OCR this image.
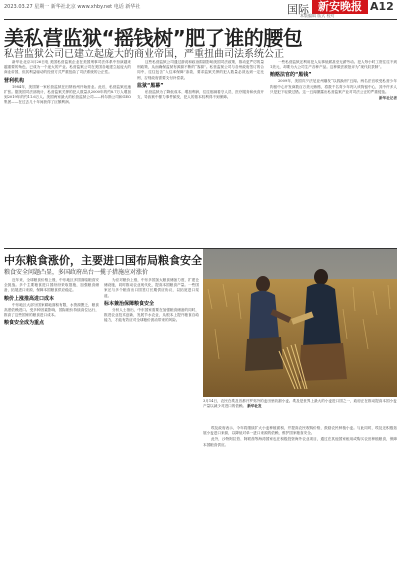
2023.03.27 星期一 新华社北京 www.xhby.net 电话 新华社	国际 新安晚报 A12
本版编辑 版式 校对
美私营监狱“摇钱树”肥了谁的腰包
私营监狱公司已建立起庞大的商业帝国，严重扭曲司法系统公正

新华社北京3月26日电 美国私营监狱企业在美国刑事司法体系中扮演越来越重要的角色，已成为一个庞大的产业。私营监狱公司在美国各地建立起庞大的商业帝国，但其利益驱动的经营方式严重扭曲了司法系统的公正性。

营利机构

1984年，美国第一家私营监狱在田纳西州开始营业。此后，私营监狱迅速扩张。据美国司法部统计，私营监狱关押的犯人数量从2000年的约8.7万人增加到2019年的约11.6万人。美国两家最大的私营监狱公司——科尔斯公司和GEO集团——在过去几十年间获得了巨额利润。

这些私营监狱公司通过游说和政治捐款影响美国司法政策，推动更严厉的量刑政策，从而确保监狱有源源不断的“客源”。私营监狱公司与各州政府签订的合同中，往往包含“入住率保障”条款，要求监狱关押的犯人数量必须达到一定比例，否则政府需要支付补偿款。

监狱“黑幕”

私营监狱为了降低成本、增加利润，往往削减看守人员、医疗服务和伙食开支，导致狱中暴力事件频发，犯人的基本权利得不到保障。

一些私营监狱还利用犯人从事低薪甚至无薪劳动。犯人每小时工资往往不到1美元，却要为大公司生产各种产品。这种做法被批评为“现代奴隶制”。

贿赂法官的“黑钱”

2009年，美国宾夕法尼亚州爆发“以钱换刑”丑闻。两名法官收受私营少年拘留中心开发商数百万美元贿赂，将数千名青少年判入该拘留中心，其中许多人只是犯下轻微过错。这一丑闻暴露出私营监狱产业对司法公正的严重侵蚀。

新华社记者

中东粮食涨价，主要进口国布局粮食安全
粮食安全问题凸显，多国政府出台一揽子措施应对涨价

近年来，全球粮食价格上涨，中东地区多国面临粮食安全挑战。多个主要粮食进口国纷纷采取措施，加强粮食储备，拓展进口来源，保障本国粮食供应稳定。

粮价上涨推高进口成本

中东地区大部分国家耕地面积有限，水资源匮乏，粮食高度依赖进口。受多种因素影响，国际粮价持续高位运行，推高了这些国家的粮食进口成本。

粮食安全成为重点

为应对粮价上涨，中东多国加大粮食储备力度，扩建仓储设施，同时推动农业现代化，提高本国粮食产量。一些国家还与多个粮食出口国签订长期供应协议，以拓宽进口渠道。

标本兼治保障粮食安全

分析人士指出，中东国家需要在加强粮食储备的同时，推进农业技术创新，发展节水农业，从根本上提升粮食自给能力，才能有效应对全球粮价波动带来的风险。

3月14日，农民在埃及首都开罗郊外的麦田里收割小麦。埃及是世界上最大的小麦进口国之一，政府正在推动提高本国小麦产量以减少对进口的依赖。 新华社发

埃及政府表示，今年将继续扩大小麦种植面积，并提高农民收购价格，鼓励农民种植小麦。与此同时，埃及还积极拓展小麦进口来源，以降低对单一进口来源的依赖，维护国家粮食安全。

此外，沙特阿拉伯、阿联酋等海湾国家也在积极投资海外农业项目，通过在其他国家租用或购买农田种植粮食，保障本国粮食供应。
